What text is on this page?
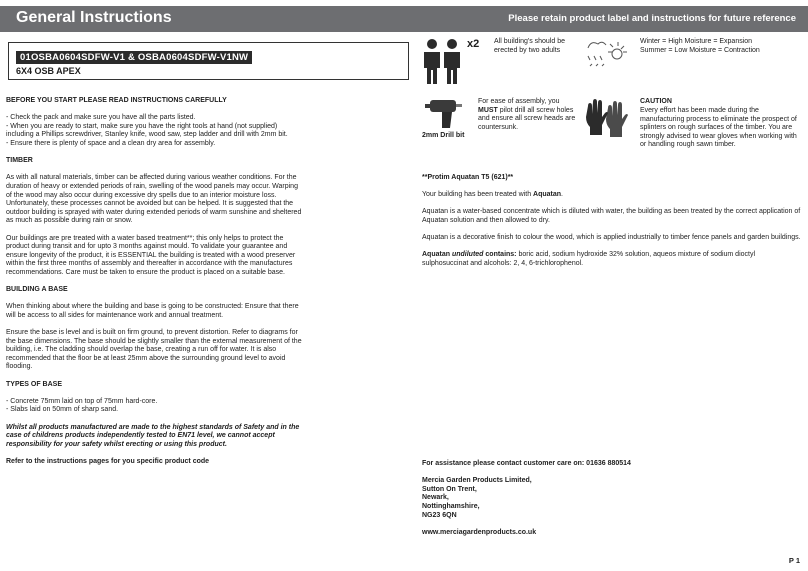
General Instructions	Please retain product label and instructions for future reference
01OSBA0604SDFW-V1 & OSBA0604SDFW-V1NW
6X4 OSB APEX
BEFORE YOU START PLEASE READ INSTRUCTIONS CAREFULLY

- Check the pack and make sure you have all the parts listed.

- When you are ready to start, make sure you have the right tools at hand (not supplied) including a Phillips screwdriver, Stanley knife, wood saw, step ladder and drill with 2mm bit.

- Ensure there is plenty of space and a clean dry area for assembly.

TIMBER

As with all natural materials, timber can be affected during various weather conditions. For the duration of heavy or extended periods of rain, swelling of the wood panels may occur. Warping of the wood may also occur during excessive dry spells due to an interior moisture loss. Unfortunately, these processes cannot be avoided but can be helped. It is suggested that the outdoor building is sprayed with water during extended periods of warm sunshine and sheltered as much as possible during rain or snow.

Our buildings are pre treated with a water based treatment**; this only helps to protect the product during transit and for upto 3 months against mould. To validate your guarantee and ensure longevity of the product, it is ESSENTIAL the building is treated with a wood preserver within the first three months of assembly and thereafter in accordance with the manufactures recommendations. Care must be taken to ensure the product is placed on a suitable base.

BUILDING A BASE

When thinking about where the building and base is going to be constructed: Ensure that there will be access to all sides for maintenance work and annual treatment.

Ensure the base is level and is built on firm ground, to prevent distortion. Refer to diagrams for the base dimensions. The base should be slightly smaller than the external measurement of the building, i.e. The cladding should overlap the base, creating a run off for water. It is also recommended that the floor be at least 25mm above the surrounding ground level to avoid flooding.

TYPES OF BASE

- Concrete 75mm laid on top of 75mm hard-core.

- Slabs laid on 50mm of sharp sand.

Whilst all products manufactured are made to the highest standards of Safety and in the case of childrens products independently tested to EN71 level, we cannot accept responsibility for your safety whilst erecting or using this product.

Refer to the instructions pages for you specific product code

x2 All building's should be erected by two adults
Winter = High Moisture = Expansion
Summer = Low Moisture = Contraction
2mm Drill bit
For ease of assembly, you MUST pilot drill all screw holes and ensure all screw heads are countersunk.
CAUTION
Every effort has been made during the manufacturing process to eliminate the prospect of splinters on rough surfaces of the timber. You are strongly advised to wear gloves when working with or handling rough sawn timber.

**Protim Aquatan T5 (621)**

Your building has been treated with Aquatan.

Aquatan is a water-based concentrate which is diluted with water, the building as been treated by the correct application of Aquatan solution and then allowed to dry.

Aquatan is a decorative finish to colour the wood, which is applied industrially to timber fence panels and garden buildings.

Aquatan undiluted contains: boric acid, sodium hydroxide 32% solution, aqueos mixture of sodium dioctyl sulphosuccinat and alcohols: 2, 4, 6-trichlorophenol.

For assistance please contact customer care on: 01636 880514

Mercia Garden Products Limited,

Sutton On Trent,

Newark,

Nottinghamshire,

NG23 6QN

www.merciagardenproducts.co.uk

P 1
